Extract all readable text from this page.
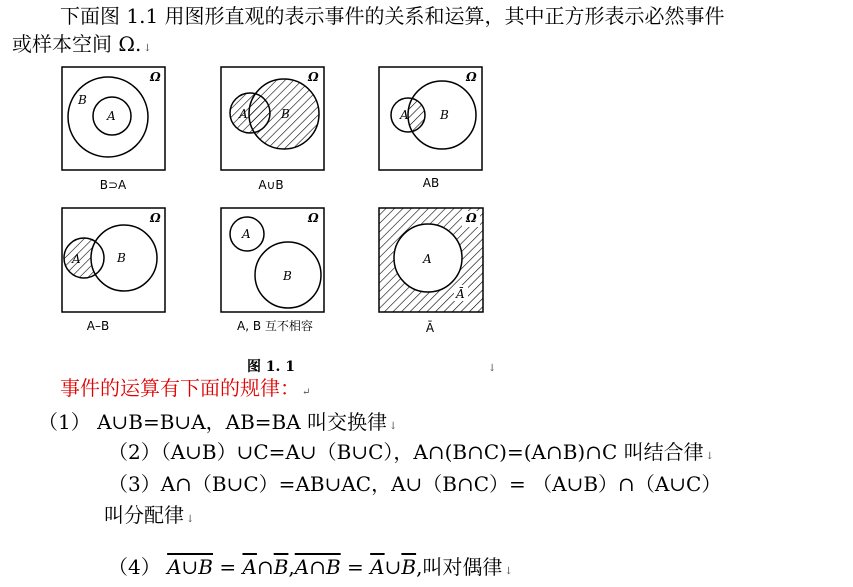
下面图 1.1 用图形直观的表示事件的关系和运算，其中正方形表示必然事件
或样本空间 Ω. ↓
Ω
B
A
B⊃A
Ω
A	B
A∪B
Ω
A	B
AB
Ω
A	B
A–B
Ω
A
B
A, B 互不相容
Ω
A
Ā
Ā
图 1. 1	↓
事件的运算有下面的规律： ↵
（1） A∪B=B∪A，AB=BA 叫交换律 ↓
（2）（A∪B）∪C=A∪（B∪C），A∩(B∩C)=(A∩B)∩C 叫结合律 ↓
（3）A∩（B∪C）=AB∪AC，A∪（B∩C）= （A∪B）∩（A∪C）
叫分配律 ↓
（4） A∪B = $\overline{A}\cap\overline{B},A\cap B$ = $\overline{A}\cup\overline{B}$,叫对偶律 ↓
